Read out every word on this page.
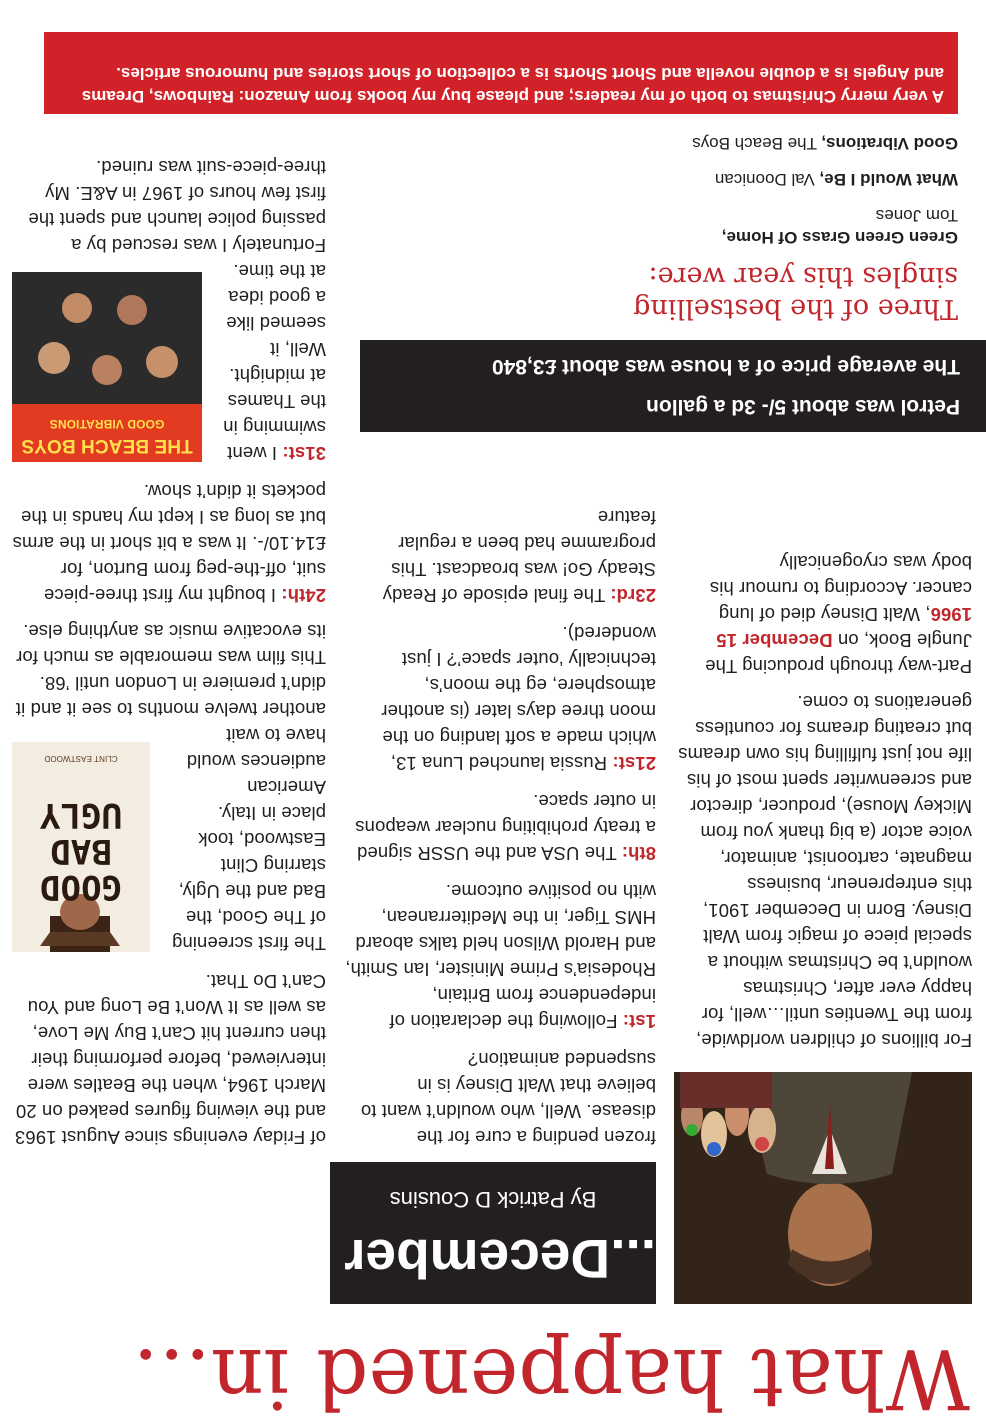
What happened in...
...December 1966?
By Patrick D Cousins

For billions of children worldwide, from the Twenties until…well, for happy ever after, Christmas wouldn’t be Christmas without a special piece of magic from Walt Disney. Born in December 1901, this entrepreneur, business magnate, cartoonist, animator, voice actor (a big thank you from Mickey Mouse), producer, director and screenwriter spent most of his life not just fulfilling his own dreams but creating dreams for countless generations to come.

Part-way through producing The Jungle Book, on December 15 1966, Walt Disney died of lung cancer. According to rumour his body was cryogenically

frozen pending a cure for the disease. Well, who wouldn’t want to believe that Walt Disney is in suspended animation?

1st: Following the declaration of independence from Britain, Rhodesia’s Prime Minister, Ian Smith, and Harold Wilson held talks aboard HMS Tiger, in the Mediterranean, with no positive outcome.

8th: The USA and the USSR signed a treaty prohibiting nuclear weapons in outer space.

21st: Russia launched Luna 13, which made a soft landing on the moon three days later (is another atmosphere, eg the moon’s, technically ‘outer space’? I just wondered).

23rd: The final episode of Ready Steady Go! was broadcast. This programme had been a regular feature

of Friday evenings since August 1963 and the viewing figures peaked on 20 March 1964, when the Beatles were interviewed, before performing their then current hit Can’t Buy Me Love, as well as It Won’t Be Long and You Can’t Do That.

GOOD
BAD
UGLY
CLINT EASTWOOD

The first screening of The Good, the Bad and the Ugly, starring Clint Eastwood, took place in Italy. American audiences would have to wait another twelve months to see it and it didn’t premiere in London until ’68. This film was memorable as much for its evocative music as anything else.

24th: I bought my first three-piece suit, off-the-peg from Burton, for £14.10/-. It was a bit short in the arms but as long as I kept my hands in the pockets it didn’t show.

THE BEACH BOYS
GOOD VIBRATIONS

31st: I went swimming in the Thames at midnight. Well, it seemed like a good idea at the time. Fortunately I was rescued by a passing police launch and spent the first few hours of 1967 in A&E. My three-piece-suit was ruined.

Petrol was about 5/- 3d a gallon
The average price of a house was about £3,840
Three of the bestselling singles this year were:
Green Green Grass Of Home,
Tom Jones
What Would I Be, Val Doonican
Good Vibrations, The Beach Boys
A very merry Christmas to both of my readers; and please buy my books from Amazon: Rainbows, Dreams and Angels is a double novella and Short Shorts is a collection of short stories and humorous articles.
